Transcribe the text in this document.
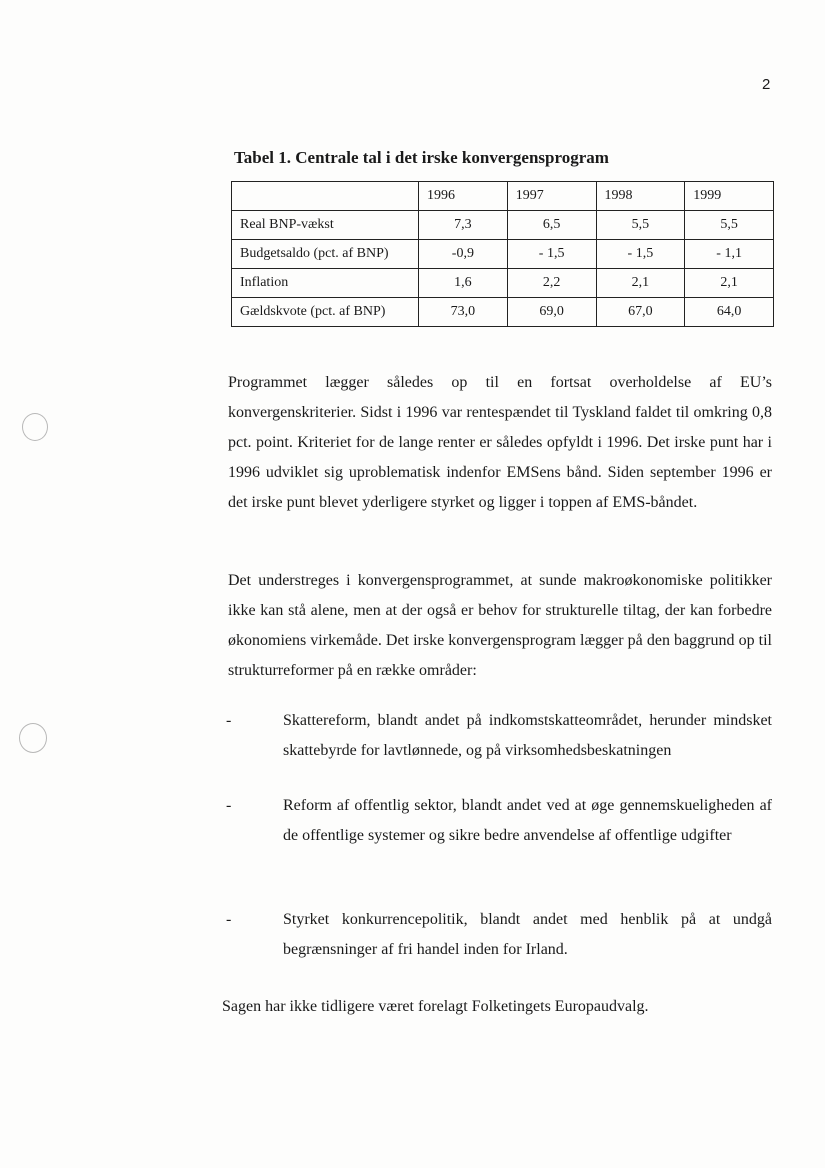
2
Tabel 1. Centrale tal i det irske konvergensprogram
	1996	1997	1998	1999
Real BNP-vækst	7,3	6,5	5,5	5,5
Budgetsaldo (pct. af BNP)	-0,9	- 1,5	- 1,5	- 1,1
Inflation	1,6	2,2	2,1	2,1
Gældskvote (pct. af BNP)	73,0	69,0	67,0	64,0

Programmet lægger således op til en fortsat overholdelse af EU’s konvergenskriterier. Sidst i 1996 var rentespændet til Tyskland faldet til omkring 0,8 pct. point. Kriteriet for de lange renter er således opfyldt i 1996. Det irske punt har i 1996 udviklet sig uproblematisk indenfor EMSens bånd. Siden september 1996 er det irske punt blevet yderligere styrket og ligger i toppen af EMS-båndet.

Det understreges i konvergensprogrammet, at sunde makroøkonomiske politikker ikke kan stå alene, men at der også er behov for strukturelle tiltag, der kan forbedre økonomiens virkemåde. Det irske konvergensprogram lægger på den baggrund op til strukturreformer på en række områder:

-	Skattereform, blandt andet på indkomstskatteområdet, herunder mindsket skattebyrde for lavtlønnede, og på virksomhedsbeskatningen
-	Reform af offentlig sektor, blandt andet ved at øge gennemskueligheden af de offentlige systemer og sikre bedre anvendelse af offentlige udgifter
-	Styrket konkurrencepolitik, blandt andet med henblik på at undgå begrænsninger af fri handel inden for Irland.
Sagen har ikke tidligere været forelagt Folketingets Europaudvalg.
